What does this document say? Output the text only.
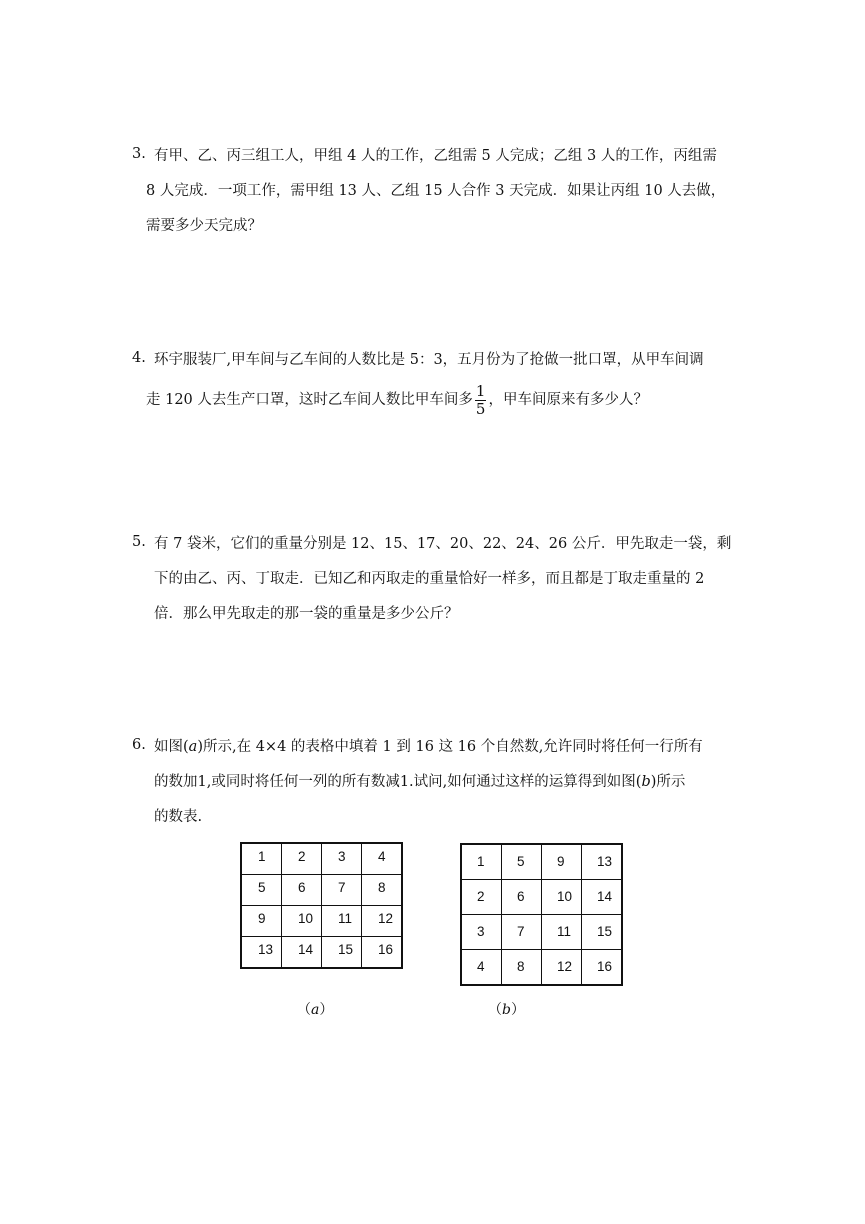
3. 有甲、乙、丙三组工人，甲组 4 人的工作，乙组需 5 人完成；乙组 3 人的工作，丙组需
8 人完成．一项工作，需甲组 13 人、乙组 15 人合作 3 天完成．如果让丙组 10 人去做，
需要多少天完成？
4. 环宇服装厂,甲车间与乙车间的人数比是 5：3，五月份为了抢做一批口罩，从甲车间调
走 120 人去生产口罩，这时乙车间人数比甲车间多 $\frac{1}{5}$ ，甲车间原来有多少人？
5. 有 7 袋米，它们的重量分别是 12、15、17、20、22、24、26 公斤．甲先取走一袋，剩
下的由乙、丙、丁取走．已知乙和丙取走的重量恰好一样多，而且都是丁取走重量的 2
倍．那么甲先取走的那一袋的重量是多少公斤？
6. 如图(a)所示,在 4×4 的表格中填着 1 到 16 这 16 个自然数,允许同时将任何一行所有
的数加1,或同时将任何一列的所有数减1.试问,如何通过这样的运算得到如图(b)所示
的数表.
1	2	3	4

5	6	7	8

9	10	11	12

13	14	15	16
1	5	9	13

2	6	10	14

3	7	11	15

4	8	12	16
（a）	（b）
